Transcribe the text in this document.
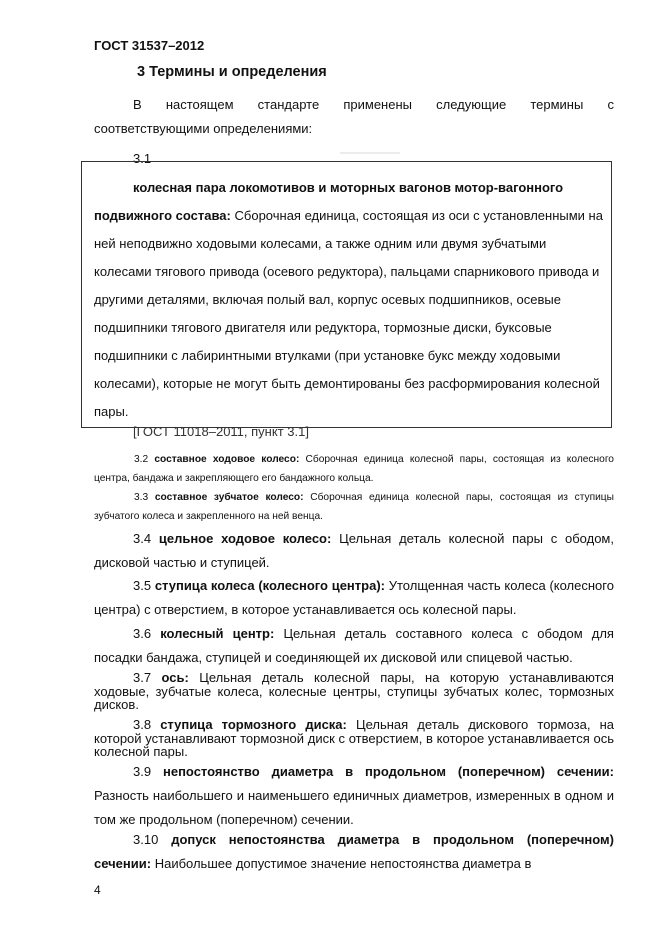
ГОСТ 31537–2012
3 Термины и определения
В настоящем стандарте применены следующие термины с
соответствующими определениями:
3.1
колесная пара локомотивов и моторных вагонов мотор-вагонного
подвижного состава: Сборочная единица, состоящая из оси с установленными на ней неподвижно ходовыми колесами, а также одним или двумя зубчатыми колесами тягового привода (осевого редуктора), пальцами спарникового привода и другими деталями, включая полый вал, корпус осевых подшипников, осевые подшипники тягового двигателя или редуктора, тормозные диски, буксовые подшипники с лабиринтными втулками (при установке букс между ходовыми колесами), которые не могут быть демонтированы без расформирования колесной пары.
[ГОСТ 11018–2011, пункт 3.1]
3.2 составное ходовое колесо: Сборочная единица колесной пары, состоящая из колесного центра, бандажа и закрепляющего его бандажного кольца.
3.3 составное зубчатое колесо: Сборочная единица колесной пары, состоящая из ступицы зубчатого колеса и закрепленного на ней венца.
3.4 цельное ходовое колесо: Цельная деталь колесной пары с ободом, дисковой частью и ступицей.
3.5 ступица колеса (колесного центра): Утолщенная часть колеса (колесного центра) с отверстием, в которое устанавливается ось колесной пары.
3.6 колесный центр: Цельная деталь составного колеса с ободом для посадки бандажа, ступицей и соединяющей их дисковой или спицевой частью.
3.7 ось: Цельная деталь колесной пары, на которую устанавливаются ходовые, зубчатые колеса, колесные центры, ступицы зубчатых колес, тормозных дисков.
3.8 ступица тормозного диска: Цельная деталь дискового тормоза, на которой устанавливают тормозной диск с отверстием, в которое устанавливается ось колесной пары.
3.9 непостоянство диаметра в продольном (поперечном) сечении: Разность наибольшего и наименьшего единичных диаметров, измеренных в одном и том же продольном (поперечном) сечении.
3.10 допуск непостоянства диаметра в продольном (поперечном) сечении: Наибольшее допустимое значение непостоянства диаметра в
4
